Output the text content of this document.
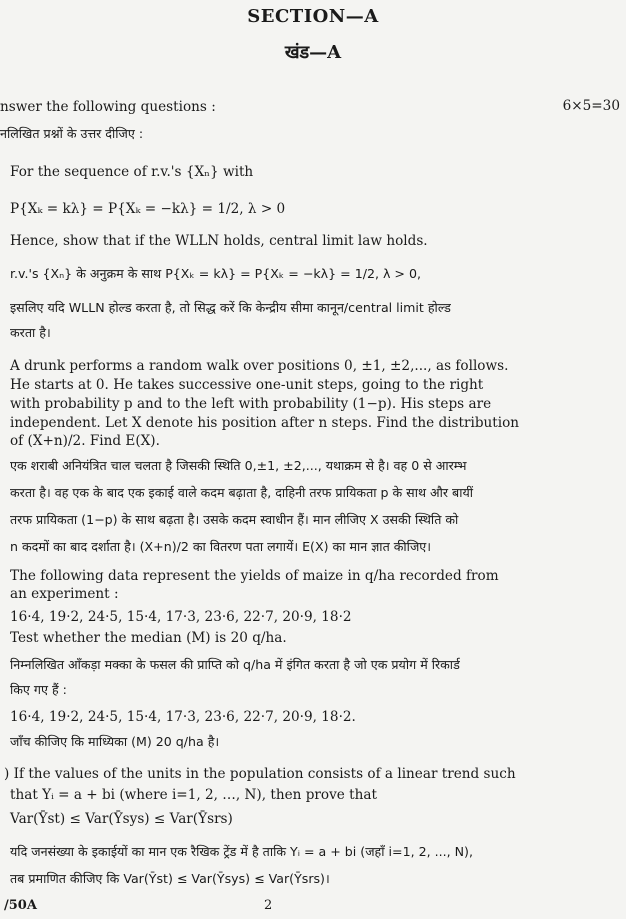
SECTION—A
खंड—A
nswer the following questions :	6×5=30
नलिखित प्रश्नों के उत्तर दीजिए :
For the sequence of r.v.'s {Xₙ} with
P{Xₖ = kλ} = P{Xₖ = −kλ} = 1/2, λ > 0
Hence, show that if the WLLN holds, central limit law holds.
r.v.'s {Xₙ} के अनुक्रम के साथ P{Xₖ = kλ} = P{Xₖ = −kλ} = 1/2, λ > 0,
इसलिए यदि WLLN होल्ड करता है, तो सिद्ध करें कि केन्द्रीय सीमा कानून/central limit होल्ड
करता है।
A drunk performs a random walk over positions 0, ±1, ±2,..., as follows.
He starts at 0. He takes successive one-unit steps, going to the right
with probability p and to the left with probability (1−p). His steps are
independent. Let X denote his position after n steps. Find the distribution
of (X+n)/2. Find E(X).
एक शराबी अनियंत्रित चाल चलता है जिसकी स्थिति 0,±1, ±2,..., यथाक्रम से है। वह 0 से आरम्भ
करता है। वह एक के बाद एक इकाई वाले कदम बढ़ाता है, दाहिनी तरफ प्रायिकता p के साथ और बायीं
तरफ प्रायिकता (1−p) के साथ बढ़ता है। उसके कदम स्वाधीन हैं। मान लीजिए X उसकी स्थिति को
n कदमों का बाद दर्शाता है। (X+n)/2 का वितरण पता लगायें। E(X) का मान ज्ञात कीजिए।
The following data represent the yields of maize in q/ha recorded from
an experiment :
16·4, 19·2, 24·5, 15·4, 17·3, 23·6, 22·7, 20·9, 18·2
Test whether the median (M) is 20 q/ha.
निम्नलिखित आँकड़ा मक्का के फसल की प्राप्ति को q/ha में इंगित करता है जो एक प्रयोग में रिकार्ड
किए गए हैं :
16·4, 19·2, 24·5, 15·4, 17·3, 23·6, 22·7, 20·9, 18·2.
जाँच कीजिए कि माध्यिका (M) 20 q/ha है।
) If the values of the units in the population consists of a linear trend such
that Yᵢ = a + bi (where i=1, 2, …, N), then prove that
Var(Ȳst) ≤ Var(Ȳsys) ≤ Var(Ȳsrs)
यदि जनसंख्या के इकाईयों का मान एक रैखिक ट्रेंड में है ताकि Yᵢ = a + bi (जहाँ i=1, 2, ..., N),
तब प्रमाणित कीजिए कि Var(Ȳst) ≤ Var(Ȳsys) ≤ Var(Ȳsrs)।
/50A	2
